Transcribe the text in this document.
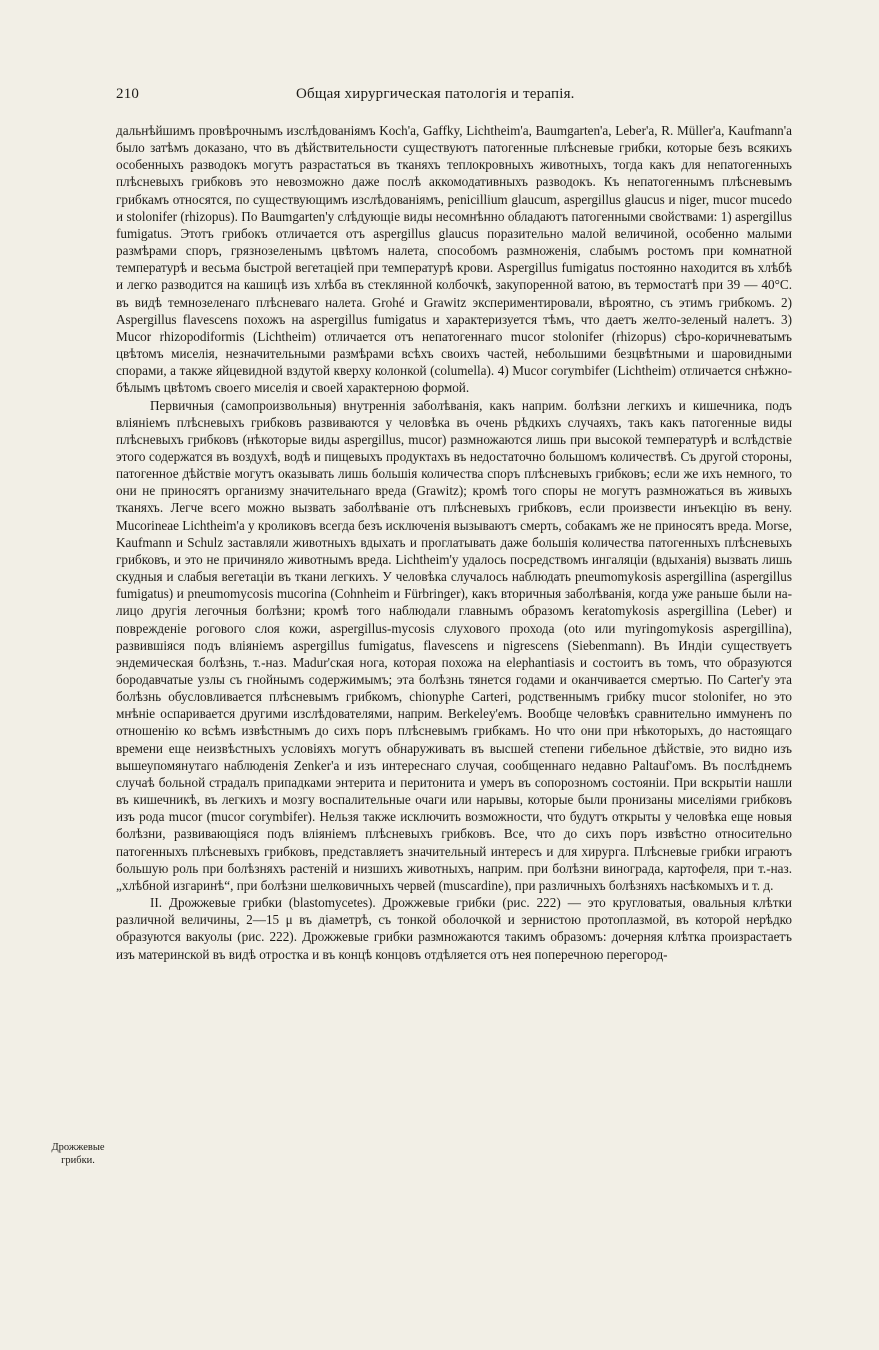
210	Общая хирургическая патологія и терапія.

дальнѣйшимъ провѣрочнымъ изслѣдованіямъ Koch'a, Gaffky, Lichtheim'a, Baumgarten'a, Leber'a, R. Müller'a, Kaufmann'a было затѣмъ доказано, что въ дѣйствительности существуютъ патогенные плѣсневые грибки, которые безъ всякихъ особенныхъ разводокъ могутъ разрастаться въ тканяхъ теплокровныхъ животныхъ, тогда какъ для непатогенныхъ плѣсневыхъ грибковъ это невозможно даже послѣ аккомодативныхъ разводокъ. Къ непатогеннымъ плѣсневымъ грибкамъ относятся, по существующимъ изслѣдованіямъ, penicillium glaucum, aspergillus glaucus и niger, mucor mucedo и stolonifer (rhizopus). По Baumgarten'у слѣдующіе виды несомнѣнно обладаютъ патогенными свойствами: 1) aspergillus fumigatus. Этотъ грибокъ отличается отъ aspergillus glaucus поразительно малой величиной, особенно малыми размѣрами споръ, грязнозеленымъ цвѣтомъ налета, способомъ размноженія, слабымъ ростомъ при комнатной температурѣ и весьма быстрой вегетаціей при температурѣ крови. Aspergillus fumigatus постоянно находится въ хлѣбѣ и легко разводится на кашицѣ изъ хлѣба въ стеклянной колбочкѣ, закупоренной ватою, въ термостатѣ при 39 — 40°C. въ видѣ темнозеленаго плѣсневаго налета. Grohé и Grawitz экспериментировали, вѣроятно, съ этимъ грибкомъ. 2) Aspergillus flavescens похожъ на aspergillus fumigatus и характеризуется тѣмъ, что даетъ желто-зеленый налетъ. 3) Mucor rhizopodiformis (Lichtheim) отличается отъ непатогеннаго mucor stolonifer (rhizopus) сѣро-коричневатымъ цвѣтомъ миселія, незначительными размѣрами всѣхъ своихъ частей, небольшими безцвѣтными и шаровидными спорами, а также яйцевидной вздутой кверху колонкой (columella). 4) Mucor corymbifer (Lichtheim) отличается снѣжно-бѣлымъ цвѣтомъ своего миселія и своей характерною формой.

Первичныя (самопроизвольныя) внутреннія заболѣванія, какъ наприм. болѣзни легкихъ и кишечника, подъ вліяніемъ плѣсневыхъ грибковъ развиваются у человѣка въ очень рѣдкихъ случаяхъ, такъ какъ патогенные виды плѣсневыхъ грибковъ (нѣкоторые виды aspergillus, mucor) размножаются лишь при высокой температурѣ и вслѣдствіе этого содержатся въ воздухѣ, водѣ и пищевыхъ продуктахъ въ недостаточно большомъ количествѣ. Съ другой стороны, патогенное дѣйствіе могутъ оказывать лишь большія количества споръ плѣсневыхъ грибковъ; если же ихъ немного, то они не приносятъ организму значительнаго вреда (Grawitz); кромѣ того споры не могутъ размножаться въ живыхъ тканяхъ. Легче всего можно вызвать заболѣваніе отъ плѣсневыхъ грибковъ, если произвести инъекцію въ вену. Mucorineae Lichtheim'a у кроликовъ всегда безъ исключенія вызываютъ смерть, собакамъ же не приносятъ вреда. Morse, Kaufmann и Schulz заставляли животныхъ вдыхать и проглатывать даже большія количества патогенныхъ плѣсневыхъ грибковъ, и это не причиняло животнымъ вреда. Lichtheim'у удалось посредствомъ ингаляціи (вдыханія) вызвать лишь скудныя и слабыя вегетаціи въ ткани легкихъ. У человѣка случалось наблюдать pneumomykosis aspergillina (aspergillus fumigatus) и pneumomycosis mucorina (Cohnheim и Fürbringer), какъ вторичныя заболѣванія, когда уже раньше были на-лицо другія легочныя болѣзни; кромѣ того наблюдали главнымъ образомъ keratomykosis aspergillina (Leber) и поврежденіе рогового слоя кожи, aspergillus-mycosis слухового прохода (oto или myringomykosis aspergillina), развившіяся подъ вліяніемъ aspergillus fumigatus, flavescens и nigrescens (Siebenmann). Въ Индіи существуетъ эндемическая болѣзнь, т.-наз. Madur'ская нога, которая похожа на elephantiasis и состоитъ въ томъ, что образуются бородавчатые узлы съ гнойнымъ содержимымъ; эта болѣзнь тянется годами и оканчивается смертью. По Carter'у эта болѣзнь обусловливается плѣсневымъ грибкомъ, chionyphe Carteri, родственнымъ грибку mucor stolonifer, но это мнѣніе оспаривается другими изслѣдователями, наприм. Berkeley'емъ. Вообще человѣкъ сравнительно иммуненъ по отношенію ко всѣмъ извѣстнымъ до сихъ поръ плѣсневымъ грибкамъ. Но что они при нѣкоторыхъ, до настоящаго времени еще неизвѣстныхъ условіяхъ могутъ обнаруживать въ высшей степени гибельное дѣйствіе, это видно изъ вышеупомянутаго наблюденія Zenker'a и изъ интереснаго случая, сообщеннаго недавно Paltauf'омъ. Въ послѣднемъ случаѣ больной страдалъ припадками энтерита и перитонита и умеръ въ сопорозномъ состояніи. При вскрытіи нашли въ кишечникѣ, въ легкихъ и мозгу воспалительные очаги или нарывы, которые были пронизаны миселіями грибковъ изъ рода mucor (mucor corymbifer). Нельзя также исключить возможности, что будутъ открыты у человѣка еще новыя болѣзни, развивающіяся подъ вліяніемъ плѣсневыхъ грибковъ. Все, что до сихъ поръ извѣстно относительно патогенныхъ плѣсневыхъ грибковъ, представляетъ значительный интересъ и для хирурга. Плѣсневые грибки играютъ большую роль при болѣзняхъ растеній и низшихъ животныхъ, наприм. при болѣзни винограда, картофеля, при т.-наз. „хлѣбной изгаринѣ“, при болѣзни шелковичныхъ червей (muscardine), при различныхъ болѣзняхъ насѣкомыхъ и т. д.

II. Дрожжевые грибки (blastomycetes). Дрожжевые грибки (рис. 222) — это кругловатыя, овальныя клѣтки различной величины, 2—15 μ въ діаметрѣ, съ тонкой оболочкой и зернистою протоплазмой, въ которой нерѣдко образуются вакуолы (рис. 222). Дрожжевые грибки размножаются такимъ образомъ: дочерняя клѣтка произрастаетъ изъ материнской въ видѣ отростка и въ концѣ концовъ отдѣляется отъ нея поперечною перегород-

Дрожжевые грибки.
